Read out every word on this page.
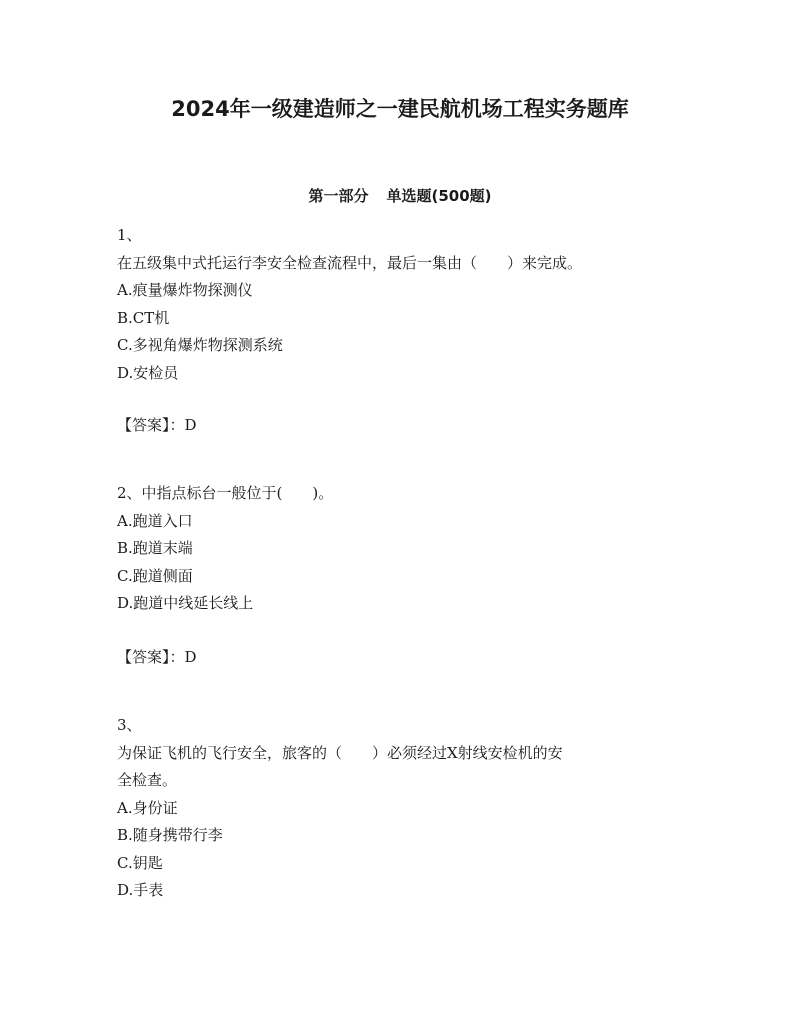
2024年一级建造师之一建民航机场工程实务题库
第一部分 单选题(500题)

1、

在五级集中式托运行李安全检查流程中，最后一集由（　　）来完成。

A.痕量爆炸物探测仪

B.CT机

C.多视角爆炸物探测系统

D.安检员

【答案】：D

2、中指点标台一般位于(　　)。

A.跑道入口

B.跑道末端

C.跑道侧面

D.跑道中线延长线上

【答案】：D

3、

为保证飞机的飞行安全，旅客的（　　）必须经过X射线安检机的安

全检查。

A.身份证

B.随身携带行李

C.钥匙

D.手表
